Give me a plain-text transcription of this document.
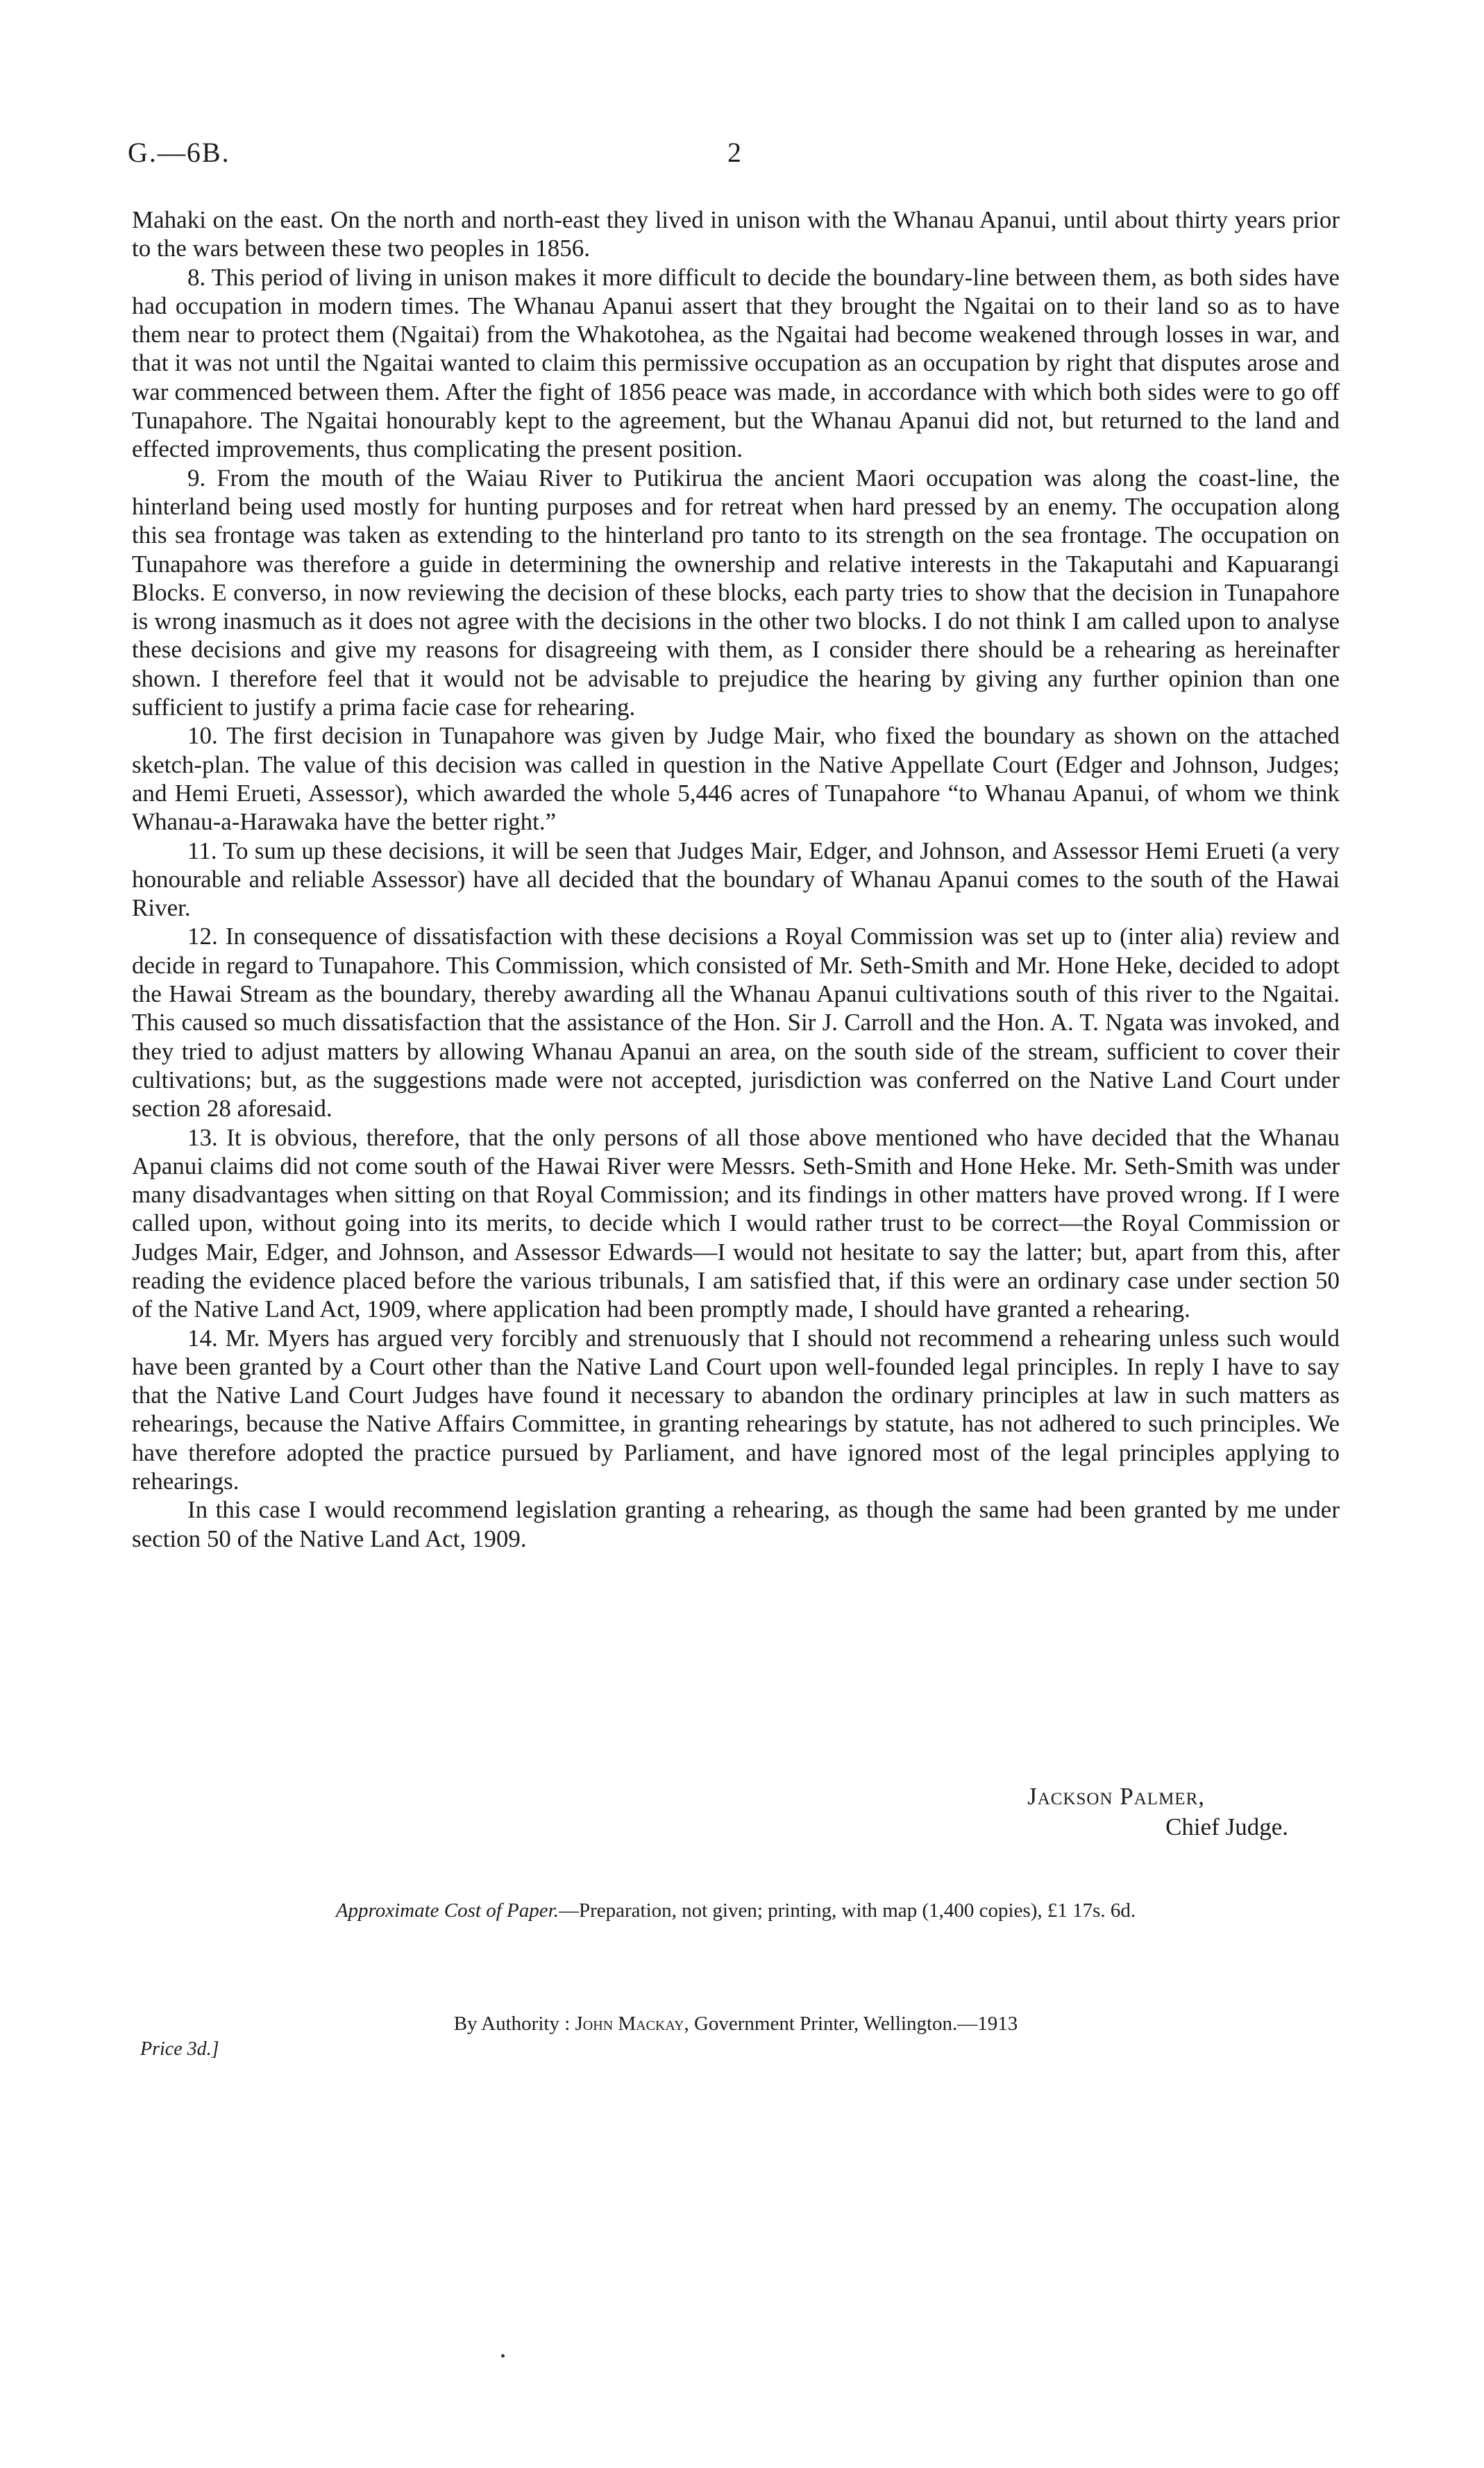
G.—6B.	2

Mahaki on the east. On the north and north-east they lived in unison with the Whanau Apanui, until about thirty years prior to the wars between these two peoples in 1856.

8. This period of living in unison makes it more difficult to decide the boundary-line between them, as both sides have had occupation in modern times. The Whanau Apanui assert that they brought the Ngaitai on to their land so as to have them near to protect them (Ngaitai) from the Whakotohea, as the Ngaitai had become weakened through losses in war, and that it was not until the Ngaitai wanted to claim this permissive occupation as an occupation by right that disputes arose and war commenced between them. After the fight of 1856 peace was made, in accordance with which both sides were to go off Tunapahore. The Ngaitai honourably kept to the agreement, but the Whanau Apanui did not, but returned to the land and effected improvements, thus complicating the present position.

9. From the mouth of the Waiau River to Putikirua the ancient Maori occupation was along the coast-line, the hinterland being used mostly for hunting purposes and for retreat when hard pressed by an enemy. The occupation along this sea frontage was taken as extending to the hinterland pro tanto to its strength on the sea frontage. The occupation on Tunapahore was therefore a guide in determining the ownership and relative interests in the Takaputahi and Kapuarangi Blocks. E converso, in now reviewing the decision of these blocks, each party tries to show that the decision in Tunapahore is wrong inasmuch as it does not agree with the decisions in the other two blocks. I do not think I am called upon to analyse these decisions and give my reasons for disagreeing with them, as I consider there should be a rehearing as hereinafter shown. I therefore feel that it would not be advisable to prejudice the hearing by giving any further opinion than one sufficient to justify a prima facie case for rehearing.

10. The first decision in Tunapahore was given by Judge Mair, who fixed the boundary as shown on the attached sketch-plan. The value of this decision was called in question in the Native Appellate Court (Edger and Johnson, Judges; and Hemi Erueti, Assessor), which awarded the whole 5,446 acres of Tunapahore “to Whanau Apanui, of whom we think Whanau-a-Harawaka have the better right.”

11. To sum up these decisions, it will be seen that Judges Mair, Edger, and Johnson, and Assessor Hemi Erueti (a very honourable and reliable Assessor) have all decided that the boundary of Whanau Apanui comes to the south of the Hawai River.

12. In consequence of dissatisfaction with these decisions a Royal Commission was set up to (inter alia) review and decide in regard to Tunapahore. This Commission, which consisted of Mr. Seth-Smith and Mr. Hone Heke, decided to adopt the Hawai Stream as the boundary, thereby awarding all the Whanau Apanui cultivations south of this river to the Ngaitai. This caused so much dissatisfaction that the assistance of the Hon. Sir J. Carroll and the Hon. A. T. Ngata was invoked, and they tried to adjust matters by allowing Whanau Apanui an area, on the south side of the stream, sufficient to cover their cultivations; but, as the suggestions made were not accepted, jurisdiction was conferred on the Native Land Court under section 28 aforesaid.

13. It is obvious, therefore, that the only persons of all those above mentioned who have decided that the Whanau Apanui claims did not come south of the Hawai River were Messrs. Seth-Smith and Hone Heke. Mr. Seth-Smith was under many disadvantages when sitting on that Royal Commission; and its findings in other matters have proved wrong. If I were called upon, without going into its merits, to decide which I would rather trust to be correct—the Royal Commission or Judges Mair, Edger, and Johnson, and Assessor Edwards—I would not hesitate to say the latter; but, apart from this, after reading the evidence placed before the various tribunals, I am satisfied that, if this were an ordinary case under section 50 of the Native Land Act, 1909, where application had been promptly made, I should have granted a rehearing.

14. Mr. Myers has argued very forcibly and strenuously that I should not recommend a rehearing unless such would have been granted by a Court other than the Native Land Court upon well-founded legal principles. In reply I have to say that the Native Land Court Judges have found it necessary to abandon the ordinary principles at law in such matters as rehearings, because the Native Affairs Committee, in granting rehearings by statute, has not adhered to such principles. We have therefore adopted the practice pursued by Parliament, and have ignored most of the legal principles applying to rehearings.

In this case I would recommend legislation granting a rehearing, as though the same had been granted by me under section 50 of the Native Land Act, 1909.

Jackson Palmer,
Chief Judge.
Approximate Cost of Paper.—Preparation, not given; printing, with map (1,400 copies), £1 17s. 6d.
By Authority : John Mackay, Government Printer, Wellington.—1913
Price 3d.]
